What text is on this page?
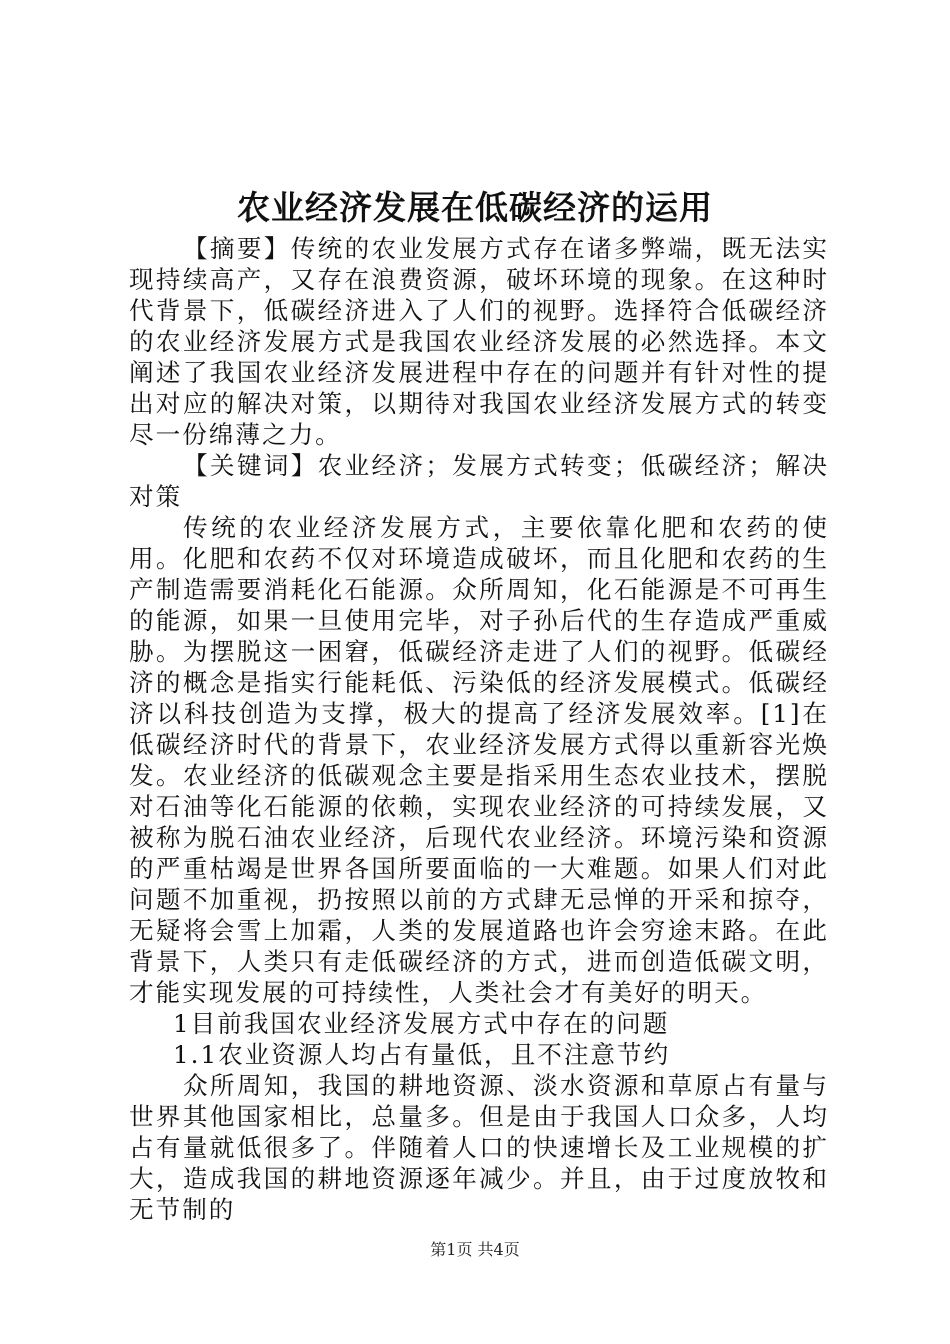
农业经济发展在低碳经济的运用

【摘要】传统的农业发展方式存在诸多弊端，既无法实现持续高产，又存在浪费资源，破坏环境的现象。在这种时代背景下，低碳经济进入了人们的视野。选择符合低碳经济的农业经济发展方式是我国农业经济发展的必然选择。本文阐述了我国农业经济发展进程中存在的问题并有针对性的提出对应的解决对策，以期待对我国农业经济发展方式的转变尽一份绵薄之力。

【关键词】农业经济；发展方式转变；低碳经济；解决对策

传统的农业经济发展方式，主要依靠化肥和农药的使用。化肥和农药不仅对环境造成破坏，而且化肥和农药的生产制造需要消耗化石能源。众所周知，化石能源是不可再生的能源，如果一旦使用完毕，对子孙后代的生存造成严重威胁。为摆脱这一困窘，低碳经济走进了人们的视野。低碳经济的概念是指实行能耗低、污染低的经济发展模式。低碳经济以科技创造为支撑，极大的提高了经济发展效率。[1]在低碳经济时代的背景下，农业经济发展方式得以重新容光焕发。农业经济的低碳观念主要是指采用生态农业技术，摆脱对石油等化石能源的依赖，实现农业经济的可持续发展，又被称为脱石油农业经济，后现代农业经济。环境污染和资源的严重枯竭是世界各国所要面临的一大难题。如果人们对此问题不加重视，扔按照以前的方式肆无忌惮的开采和掠夺，无疑将会雪上加霜，人类的发展道路也许会穷途末路。在此背景下，人类只有走低碳经济的方式，进而创造低碳文明，才能实现发展的可持续性，人类社会才有美好的明天。

1目前我国农业经济发展方式中存在的问题

1.1农业资源人均占有量低，且不注意节约

众所周知，我国的耕地资源、淡水资源和草原占有量与世界其他国家相比，总量多。但是由于我国人口众多，人均占有量就低很多了。伴随着人口的快速增长及工业规模的扩大，造成我国的耕地资源逐年减少。并且，由于过度放牧和无节制的

第1页 共4页
